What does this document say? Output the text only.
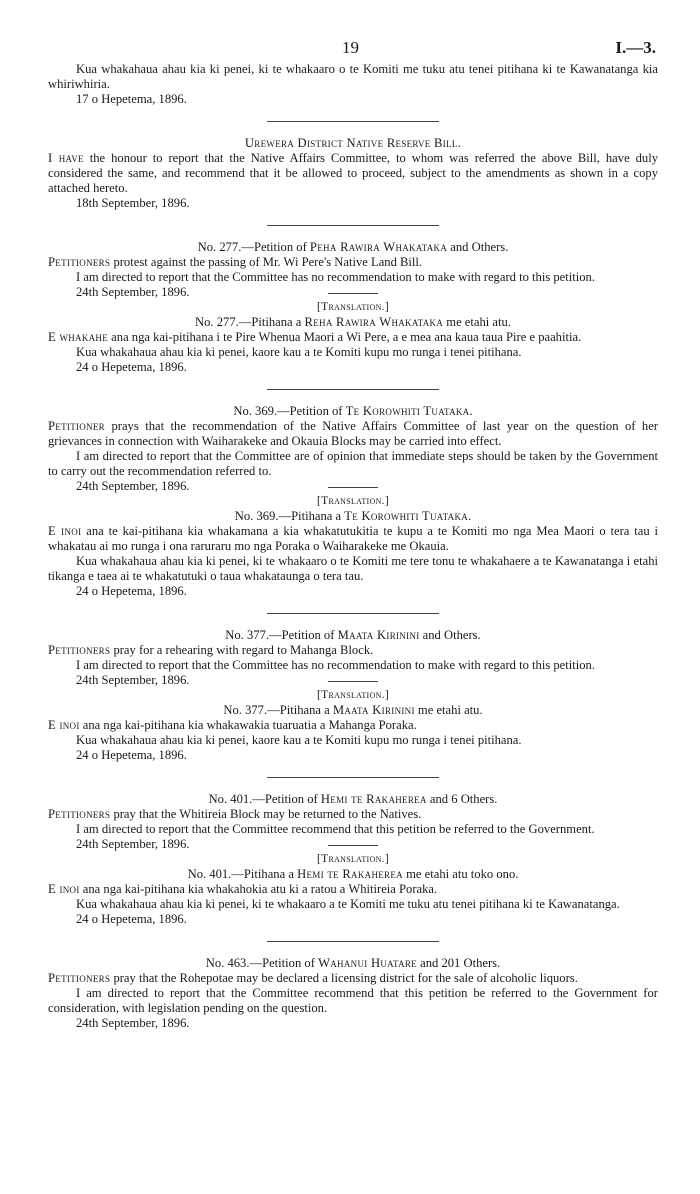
19	I.—3.

Kua whakahaua ahau kia ki penei, ki te whakaaro o te Komiti me tuku atu tenei pitihana ki te Kawanatanga kia whiriwhiria.

17 o Hepetema, 1896.

Urewera District Native Reserve Bill.

I have the honour to report that the Native Affairs Committee, to whom was referred the above Bill, have duly considered the same, and recommend that it be allowed to proceed, subject to the amendments as shown in a copy attached hereto.

18th September, 1896.

No. 277.—Petition of Peha Rawira Whakataka and Others.

Petitioners protest against the passing of Mr. Wi Pere's Native Land Bill.

I am directed to report that the Committee has no recommendation to make with regard to this petition.

24th September, 1896.

[Translation.]

No. 277.—Pitihana a Reha Rawira Whakataka me etahi atu.

E whakahe ana nga kai-pitihana i te Pire Whenua Maori a Wi Pere, a e mea ana kaua taua Pire e paahitia.

Kua whakahaua ahau kia ki penei, kaore kau a te Komiti kupu mo runga i tenei pitihana.

24 o Hepetema, 1896.

No. 369.—Petition of Te Korowhiti Tuataka.

Petitioner prays that the recommendation of the Native Affairs Committee of last year on the question of her grievances in connection with Waiharakeke and Okauia Blocks may be carried into effect.

I am directed to report that the Committee are of opinion that immediate steps should be taken by the Government to carry out the recommendation referred to.

24th September, 1896.

[Translation.]

No. 369.—Pitihana a Te Korowhiti Tuataka.

E inoi ana te kai-pitihana kia whakamana a kia whakatutukitia te kupu a te Komiti mo nga Mea Maori o tera tau i whakatau ai mo runga i ona raruraru mo nga Poraka o Waiharakeke me Okauia.

Kua whakahaua ahau kia ki penei, ki te whakaaro o te Komiti me tere tonu te whakahaere a te Kawanatanga i etahi tikanga e taea ai te whakatutuki o taua whakataunga o tera tau.

24 o Hepetema, 1896.

No. 377.—Petition of Maata Kirinini and Others.

Petitioners pray for a rehearing with regard to Mahanga Block.

I am directed to report that the Committee has no recommendation to make with regard to this petition.

24th September, 1896.

[Translation.]

No. 377.—Pitihana a Maata Kirinini me etahi atu.

E inoi ana nga kai-pitihana kia whakawakia tuaruatia a Mahanga Poraka.

Kua whakahaua ahau kia ki penei, kaore kau a te Komiti kupu mo runga i tenei pitihana.

24 o Hepetema, 1896.

No. 401.—Petition of Hemi te Rakaherea and 6 Others.

Petitioners pray that the Whitireia Block may be returned to the Natives.

I am directed to report that the Committee recommend that this petition be referred to the Government.

24th September, 1896.

[Translation.]

No. 401.—Pitihana a Hemi te Rakaherea me etahi atu toko ono.

E inoi ana nga kai-pitihana kia whakahokia atu ki a ratou a Whitireia Poraka.

Kua whakahaua ahau kia ki penei, ki te whakaaro a te Komiti me tuku atu tenei pitihana ki te Kawanatanga.

24 o Hepetema, 1896.

No. 463.—Petition of Wahanui Huatare and 201 Others.

Petitioners pray that the Rohepotae may be declared a licensing district for the sale of alcoholic liquors.

I am directed to report that the Committee recommend that this petition be referred to the Government for consideration, with legislation pending on the question.

24th September, 1896.
